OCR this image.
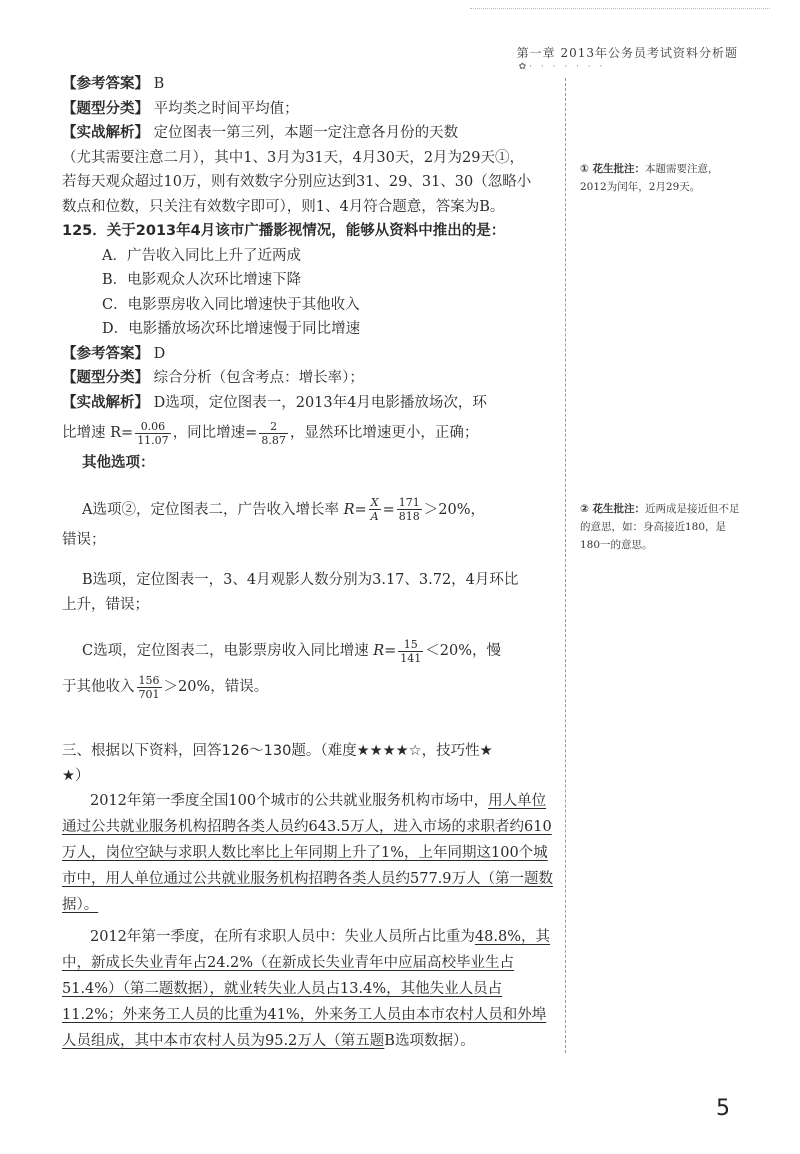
第一章 2013年公务员考试资料分析题
✿· · · · · · ·

【参考答案】 B

【题型分类】 平均类之时间平均值；

【实战解析】 定位图表一第三列，本题一定注意各月份的天数

（尤其需要注意二月），其中1、3月为31天，4月30天，2月为29天①，

若每天观众超过10万，则有效数字分别应达到31、29、31、30（忽略小

数点和位数，只关注有效数字即可），则1、4月符合题意，答案为B。

125．关于2013年4月该市广播影视情况，能够从资料中推出的是：

A．广告收入同比上升了近两成

B．电影观众人次环比增速下降

C．电影票房收入同比增速快于其他收入

D．电影播放场次环比增速慢于同比增速

【参考答案】 D

【题型分类】 综合分析（包含考点：增长率）；

【实战解析】 D选项，定位图表一，2013年4月电影播放场次，环

比增速 $R= \frac{0.06}{11.07}$ ，同比增速= $\frac{2}{8.87}$ ，显然环比增速更小，正确；

其他选项：

A选项②，定位图表二，广告收入增长率 $R= \frac{X}{A} = \frac{171}{818} >20\%$，

错误；

B选项，定位图表一，3、4月观影人数分别为3.17、3.72，4月环比

上升，错误；

C选项，定位图表二，电影票房收入同比增速 $R= \frac{15}{141} <20\%$，慢

于其他收入 $\frac{156}{701} >20\%$，错误。

三、根据以下资料，回答126～130题。（难度★★★★☆，技巧性★

★）

2012年第一季度全国100个城市的公共就业服务机构市场中，用人单位通过公共就业服务机构招聘各类人员约643.5万人，进入市场的求职者约610万人，岗位空缺与求职人数比率比上年同期上升了1%，上年同期这100个城市中，用人单位通过公共就业服务机构招聘各类人员约577.9万人（第一题数据）。

2012年第一季度，在所有求职人员中：失业人员所占比重为48.8%，其中，新成长失业青年占24.2%（在新成长失业青年中应届高校毕业生占51.4%）（第二题数据），就业转失业人员占13.4%，其他失业人员占11.2%；外来务工人员的比重为41%，外来务工人员由本市农村人员和外埠人员组成，其中本市农村人员为95.2万人（第五题B选项数据）。

① 花生批注：本题需要注意，2012为闰年，2月29天。
② 花生批注：近两成是接近但不足的意思，如：身高接近180，是180一的意思。
5
